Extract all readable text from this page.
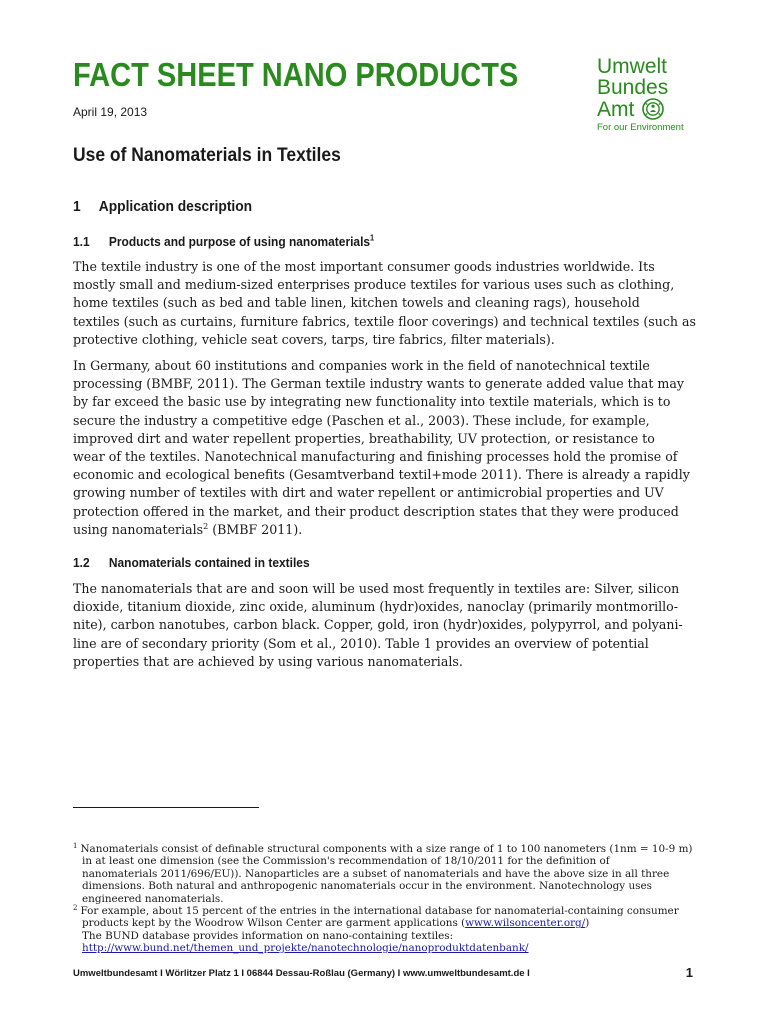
FACT SHEET NANO PRODUCTS
April 19, 2013
Umwelt
Bundes
Amt
For our Environment
Use of Nanomaterials in Textiles
1 Application description
1.1 Products and purpose of using nanomaterials$^1$
The textile industry is one of the most important consumer goods industries worldwide. Its
mostly small and medium-sized enterprises produce textiles for various uses such as clothing,
home textiles (such as bed and table linen, kitchen towels and cleaning rags), household
textiles (such as curtains, furniture fabrics, textile floor coverings) and technical textiles (such as
protective clothing, vehicle seat covers, tarps, tire fabrics, filter materials).
In Germany, about 60 institutions and companies work in the field of nanotechnical textile
processing (BMBF, 2011). The German textile industry wants to generate added value that may
by far exceed the basic use by integrating new functionality into textile materials, which is to
secure the industry a competitive edge (Paschen et al., 2003). These include, for example,
improved dirt and water repellent properties, breathability, UV protection, or resistance to
wear of the textiles. Nanotechnical manufacturing and finishing processes hold the promise of
economic and ecological benefits (Gesamtverband textil+mode 2011). There is already a rapidly
growing number of textiles with dirt and water repellent or antimicrobial properties and UV
protection offered in the market, and their product description states that they were produced
using nanomaterials$^2$ (BMBF 2011).
1.2 Nanomaterials contained in textiles
The nanomaterials that are and soon will be used most frequently in textiles are: Silver, silicon
dioxide, titanium dioxide, zinc oxide, aluminum (hydr)oxides, nanoclay (primarily montmorillo-
nite), carbon nanotubes, carbon black. Copper, gold, iron (hydr)oxides, polypyrrol, and polyani-
line are of secondary priority (Som et al., 2010). Table 1 provides an overview of potential
properties that are achieved by using various nanomaterials.
$^1$ Nanomaterials consist of definable structural components with a size range of 1 to 100 nanometers (1nm = 10-9 m)
in at least one dimension (see the Commission's recommendation of 18/10/2011 for the definition of
nanomaterials 2011/696/EU)). Nanoparticles are a subset of nanomaterials and have the above size in all three
dimensions. Both natural and anthropogenic nanomaterials occur in the environment. Nanotechnology uses
engineered nanomaterials.
$^2$ For example, about 15 percent of the entries in the international database for nanomaterial-containing consumer
products kept by the Woodrow Wilson Center are garment applications (www.wilsoncenter.org/)
The BUND database provides information on nano-containing textiles:
http://www.bund.net/themen_und_projekte/nanotechnologie/nanoproduktdatenbank/
Umweltbundesamt I Wörlitzer Platz 1 I 06844 Dessau-Roßlau (Germany) I www.umweltbundesamt.de I	1
